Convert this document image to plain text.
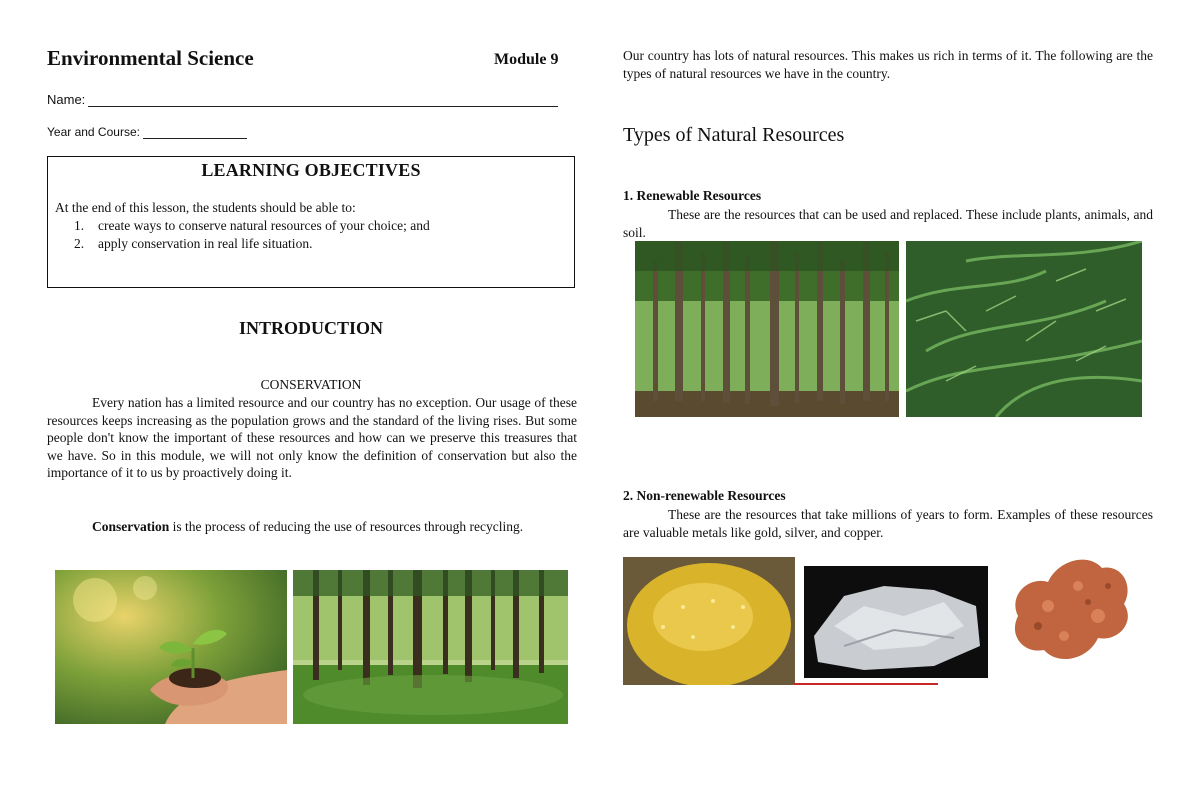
Environmental Science	Module 9
Name:
Year and Course:
LEARNING OBJECTIVES
At the end of this lesson, the students should be able to:
1.	create ways to conserve natural resources of your choice; and
2.	apply conservation in real life situation.
INTRODUCTION
CONSERVATION
Every nation has a limited resource and our country has no exception. Our usage of these resources keeps increasing as the population grows and the standard of the living rises. But some people don't know the important of these resources and how can we preserve this treasures that we have. So in this module, we will not only know the definition of conservation but also the importance of it to us by proactively doing it.
Conservation is the process of reducing the use of resources through recycling.
Our country has lots of natural resources. This makes us rich in terms of it. The following are the types of natural resources we have in the country.
Types of Natural Resources
1. Renewable Resources
These are the resources that can be used and replaced. These include plants, animals, and soil.
2. Non-renewable Resources
These are the resources that take millions of years to form. Examples of these resources are valuable metals like gold, silver, and copper.
